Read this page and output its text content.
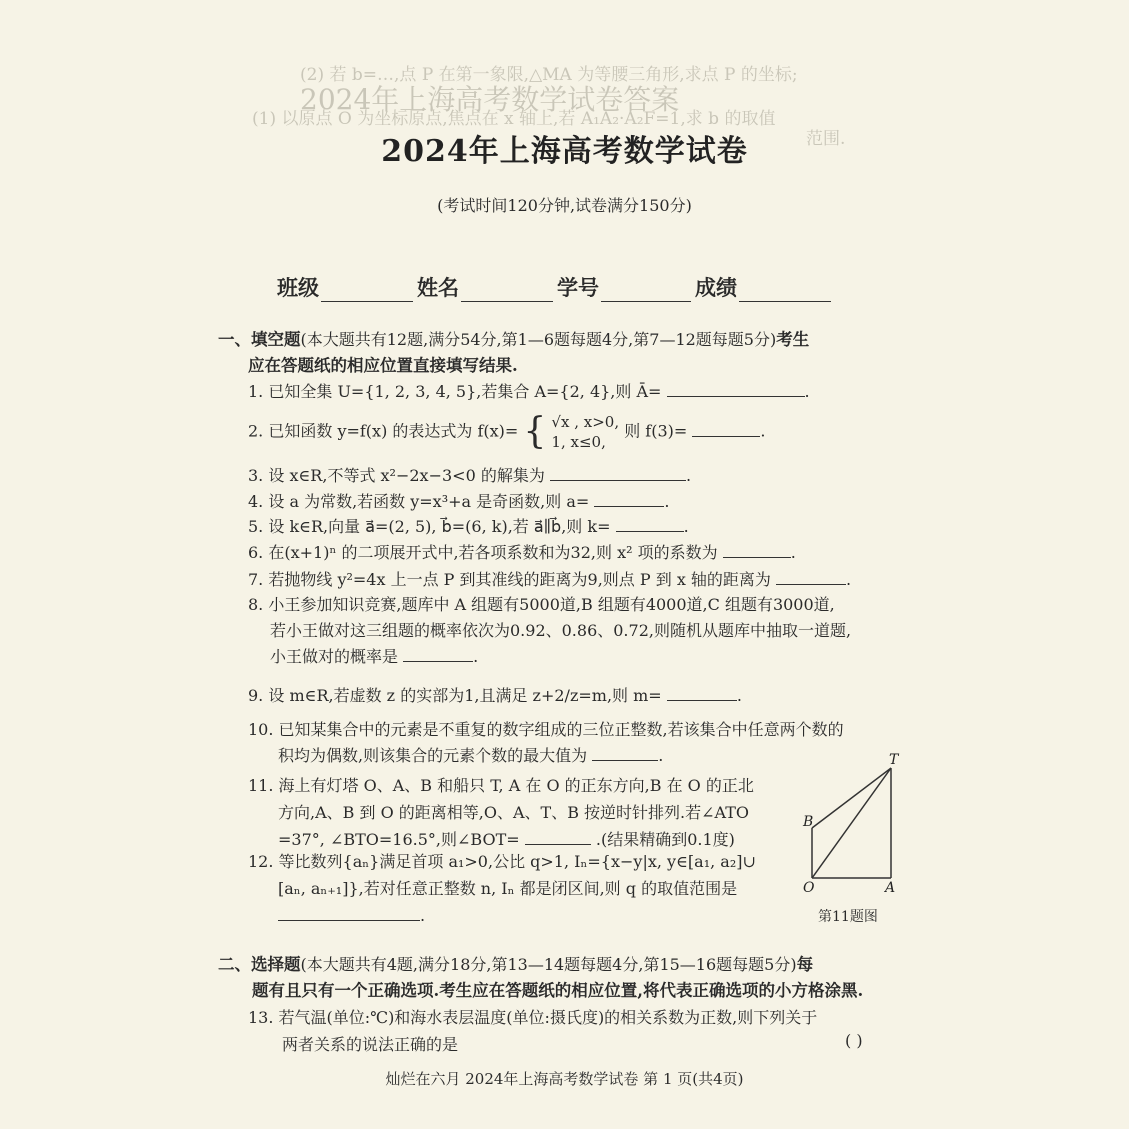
(2) 若 b=…,点 P 在第一象限,△MA 为等腰三角形,求点 P 的坐标;
2024年上海高考数学试卷答案
(1) 以原点 O 为坐标原点,焦点在 x 轴上,若 A₁A₂·A₂F=1,求 b 的取值
范围.
2024年上海高考数学试卷
(考试时间120分钟,试卷满分150分)
班级	姓名	学号	成绩
一、填空题(本大题共有12题,满分54分,第1—6题每题4分,第7—12题每题5分)考生
应在答题纸的相应位置直接填写结果.
1. 已知全集 U={1, 2, 3, 4, 5},若集合 A={2, 4},则 Ā=	.
2. 已知函数 y=f(x) 的表达式为 f(x)= { √x , x>0,
1, x≤0, 则 f(3)=	.
3. 设 x∈R,不等式 x²−2x−3<0 的解集为	.
4. 设 a 为常数,若函数 y=x³+a 是奇函数,则 a=	.
5. 设 k∈R,向量 a⃗=(2, 5), b⃗=(6, k),若 a⃗∥b⃗,则 k=	.
6. 在(x+1)ⁿ 的二项展开式中,若各项系数和为32,则 x² 项的系数为	.
7. 若抛物线 y²=4x 上一点 P 到其准线的距离为9,则点 P 到 x 轴的距离为	.
8. 小王参加知识竞赛,题库中 A 组题有5000道,B 组题有4000道,C 组题有3000道,
若小王做对这三组题的概率依次为0.92、0.86、0.72,则随机从题库中抽取一道题,
小王做对的概率是	.
9. 设 m∈R,若虚数 z 的实部为1,且满足 z+2/z=m,则 m=	.
10. 已知某集合中的元素是不重复的数字组成的三位正整数,若该集合中任意两个数的
积均为偶数,则该集合的元素个数的最大值为	.
11. 海上有灯塔 O、A、B 和船只 T, A 在 O 的正东方向,B 在 O 的正北
方向,A、B 到 O 的距离相等,O、A、T、B 按逆时针排列.若∠ATO
=37°, ∠BTO=16.5°,则∠BOT=	.(结果精确到0.1度)
12. 等比数列{aₙ}满足首项 a₁>0,公比 q>1, Iₙ={x−y|x, y∈[a₁, a₂]∪
[aₙ, aₙ₊₁]},若对任意正整数 n, Iₙ 都是闭区间,则 q 的取值范围是
.
T
B
O	A
第11题图
二、选择题(本大题共有4题,满分18分,第13—14题每题4分,第15—16题每题5分)每
题有且只有一个正确选项.考生应在答题纸的相应位置,将代表正确选项的小方格涂黑.
13. 若气温(单位:℃)和海水表层温度(单位:摄氏度)的相关系数为正数,则下列关于
两者关系的说法正确的是	( )
灿烂在六月 2024年上海高考数学试卷 第 1 页(共4页)
